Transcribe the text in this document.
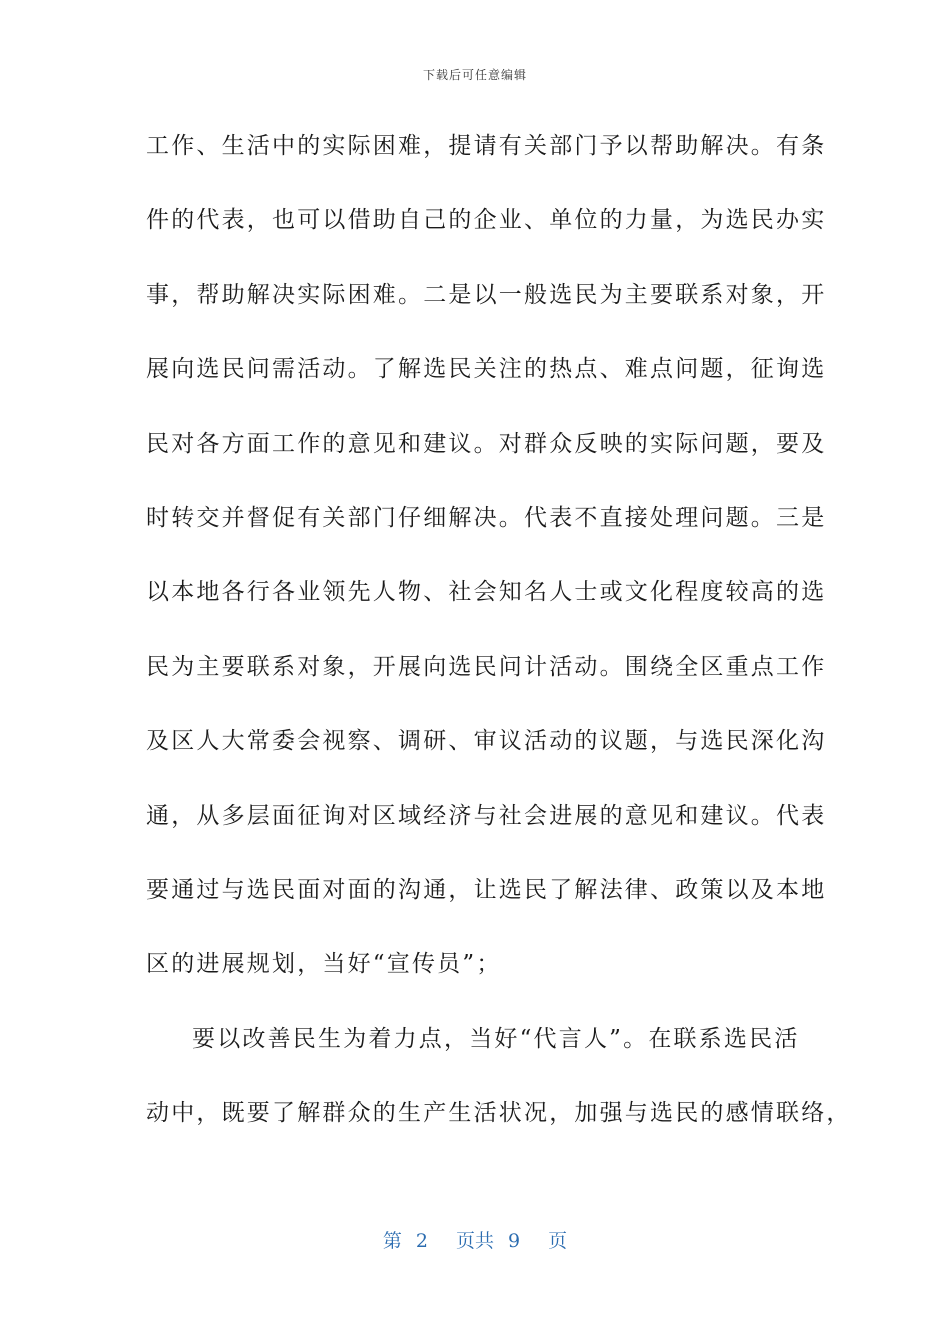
下载后可任意编辑
工作、生活中的实际困难，提请有关部门予以帮助解决。有条
件的代表，也可以借助自己的企业、单位的力量，为选民办实
事，帮助解决实际困难。二是以一般选民为主要联系对象，开
展向选民问需活动。了解选民关注的热点、难点问题，征询选
民对各方面工作的意见和建议。对群众反映的实际问题，要及
时转交并督促有关部门仔细解决。代表不直接处理问题。三是
以本地各行各业领先人物、社会知名人士或文化程度较高的选
民为主要联系对象，开展向选民问计活动。围绕全区重点工作
及区人大常委会视察、调研、审议活动的议题，与选民深化沟
通，从多层面征询对区域经济与社会进展的意见和建议。代表
要通过与选民面对面的沟通，让选民了解法律、政策以及本地
区的进展规划，当好“宣传员”；
要以改善民生为着力点，当好“代言人”。在联系选民活
动中，既要了解群众的生产生活状况，加强与选民的感情联络，
第 2 页共 9 页
